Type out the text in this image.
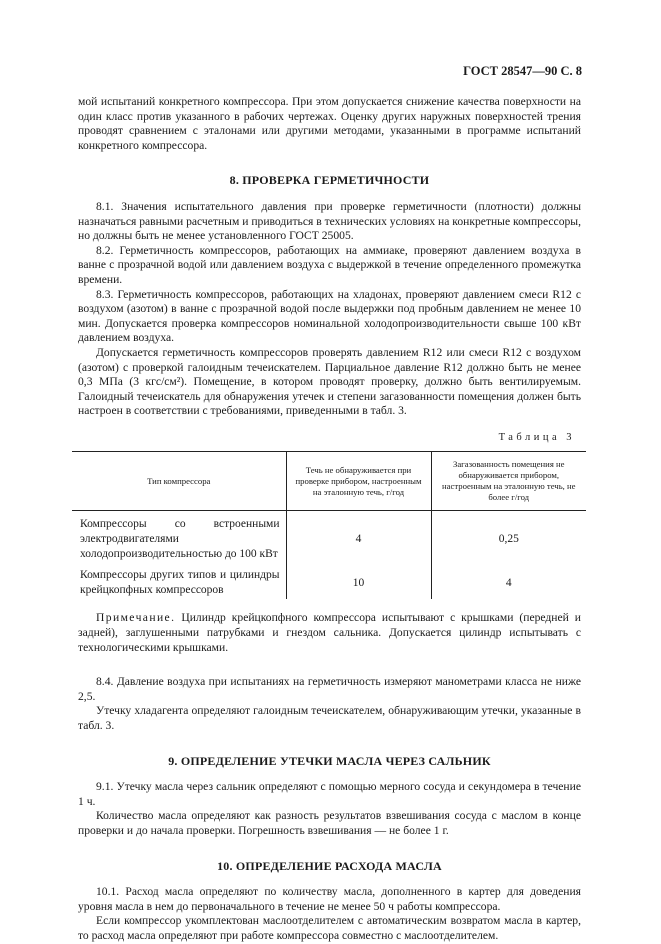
ГОСТ 28547—90 С. 8

мой испытаний конкретного компрессора. При этом допускается снижение качества поверхности на один класс против указанного в рабочих чертежах. Оценку других наружных поверхностей трения проводят сравнением с эталонами или другими методами, указанными в программе испытаний конкретного компрессора.

8. ПРОВЕРКА ГЕРМЕТИЧНОСТИ

8.1. Значения испытательного давления при проверке герметичности (плотности) должны назначаться равными расчетным и приводиться в технических условиях на конкретные компрессоры, но должны быть не менее установленного ГОСТ 25005.

8.2. Герметичность компрессоров, работающих на аммиаке, проверяют давлением воздуха в ванне с прозрачной водой или давлением воздуха с выдержкой в течение определенного промежутка времени.

8.3. Герметичность компрессоров, работающих на хладонах, проверяют давлением смеси R12 с воздухом (азотом) в ванне с прозрачной водой после выдержки под пробным давлением не менее 10 мин. Допускается проверка компрессоров номинальной холодопроизводительности свыше 100 кВт давлением воздуха.

Допускается герметичность компрессоров проверять давлением R12 или смеси R12 с воздухом (азотом) с проверкой галоидным течеискателем. Парциальное давление R12 должно быть не менее 0,3 МПа (3 кгс/см²). Помещение, в котором проводят проверку, должно быть вентилируемым. Галоидный течеискатель для обнаружения утечек и степени загазованности помещения должен быть настроен в соответствии с требованиями, приведенными в табл. 3.

Таблица 3
Тип компрессора	Течь не обнаруживается при проверке прибором, настроенным на эталонную течь, г/год	Загазованность помещения не обнаруживается прибором, настроенным на эталонную течь, не более г/год
Компрессоры со встроенными электродвигателями холодопроизводительностью до 100 кВт	4	0,25
Компрессоры других типов и цилиндры крейцкопфных компрессоров	10	4

Примечание. Цилиндр крейцкопфного компрессора испытывают с крышками (передней и задней), заглушенными патрубками и гнездом сальника. Допускается цилиндр испытывать с технологическими крышками.

8.4. Давление воздуха при испытаниях на герметичность измеряют манометрами класса не ниже 2,5.

Утечку хладагента определяют галоидным течеискателем, обнаруживающим утечки, указанные в табл. 3.

9. ОПРЕДЕЛЕНИЕ УТЕЧКИ МАСЛА ЧЕРЕЗ САЛЬНИК

9.1. Утечку масла через сальник определяют с помощью мерного сосуда и секундомера в течение 1 ч.

Количество масла определяют как разность результатов взвешивания сосуда с маслом в конце проверки и до начала проверки. Погрешность взвешивания — не более 1 г.

10. ОПРЕДЕЛЕНИЕ РАСХОДА МАСЛА

10.1. Расход масла определяют по количеству масла, дополненного в картер для доведения уровня масла в нем до первоначального в течение не менее 50 ч работы компрессора.

Если компрессор укомплектован маслоотделителем с автоматическим возвратом масла в картер, то расход масла определяют при работе компрессора совместно с маслоотделителем.
